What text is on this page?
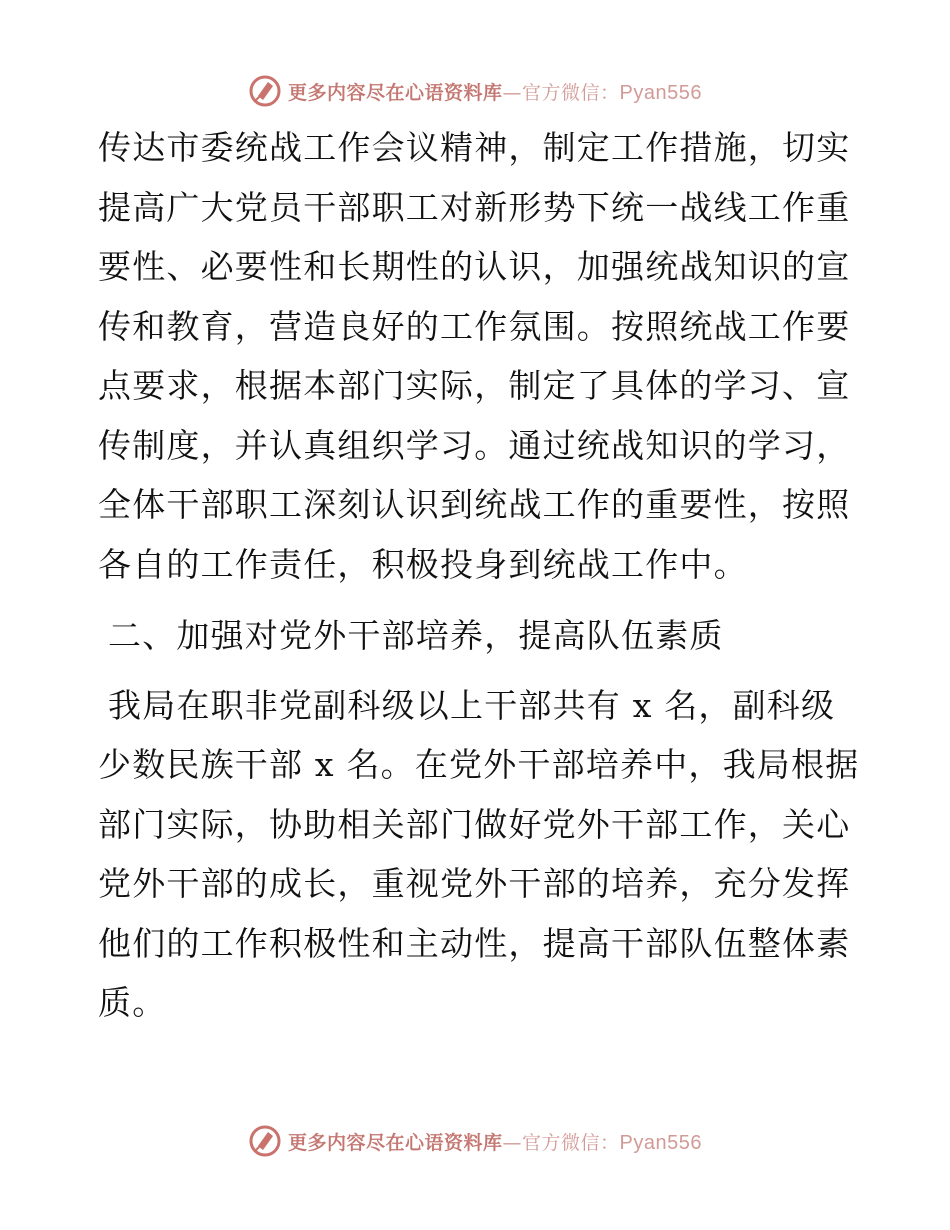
更多内容尽在心语资料库—官方微信：Pyan556

传达市委统战工作会议精神，制定工作措施，切实
提高广大党员干部职工对新形势下统一战线工作重
要性、必要性和长期性的认识，加强统战知识的宣
传和教育，营造良好的工作氛围。按照统战工作要
点要求，根据本部门实际，制定了具体的学习、宣
传制度，并认真组织学习。通过统战知识的学习，
全体干部职工深刻认识到统战工作的重要性，按照
各自的工作责任，积极投身到统战工作中。

二、加强对党外干部培养，提高队伍素质

我局在职非党副科级以上干部共有 x 名，副科级
少数民族干部 x 名。在党外干部培养中，我局根据
部门实际，协助相关部门做好党外干部工作，关心
党外干部的成长，重视党外干部的培养，充分发挥
他们的工作积极性和主动性，提高干部队伍整体素
质。

更多内容尽在心语资料库—官方微信：Pyan556
